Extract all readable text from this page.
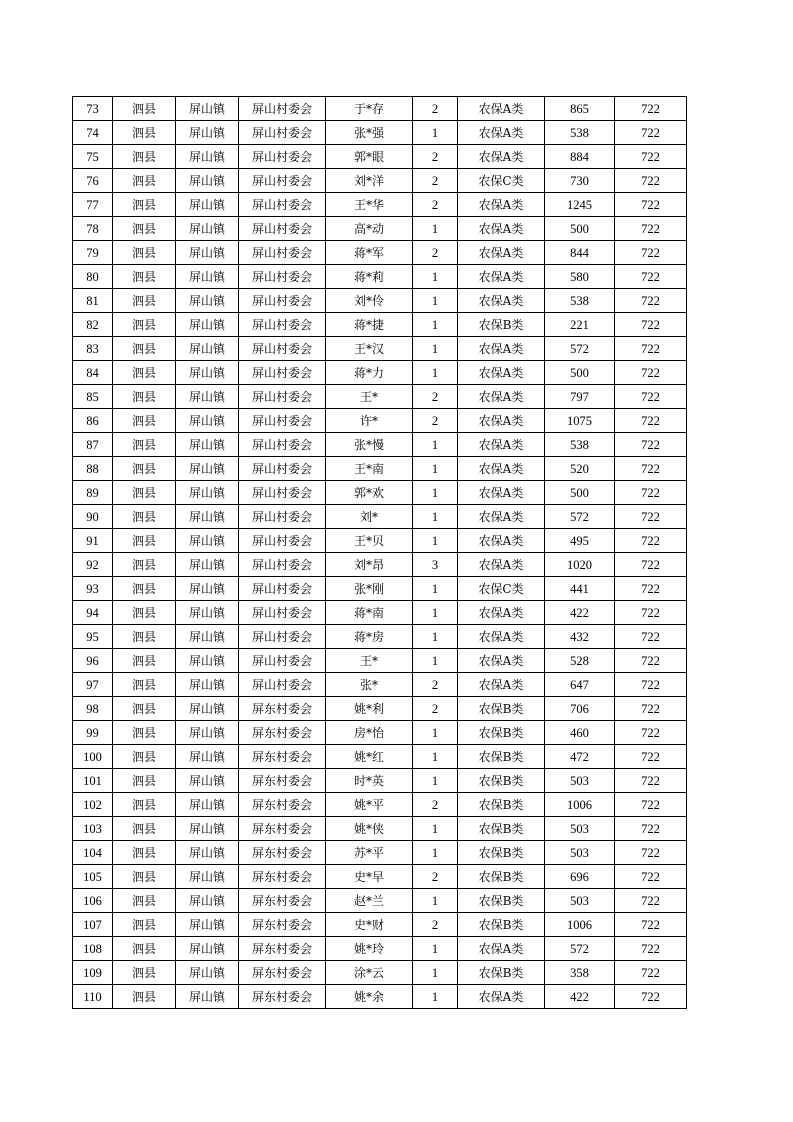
73	泗县	屏山镇	屏山村委会	于*存	2	农保A类	865	722
74	泗县	屏山镇	屏山村委会	张*强	1	农保A类	538	722
75	泗县	屏山镇	屏山村委会	郭*眼	2	农保A类	884	722
76	泗县	屏山镇	屏山村委会	刘*洋	2	农保C类	730	722
77	泗县	屏山镇	屏山村委会	王*华	2	农保A类	1245	722
78	泗县	屏山镇	屏山村委会	高*动	1	农保A类	500	722
79	泗县	屏山镇	屏山村委会	蒋*军	2	农保A类	844	722
80	泗县	屏山镇	屏山村委会	蒋*莉	1	农保A类	580	722
81	泗县	屏山镇	屏山村委会	刘*伶	1	农保A类	538	722
82	泗县	屏山镇	屏山村委会	蒋*捷	1	农保B类	221	722
83	泗县	屏山镇	屏山村委会	王*汉	1	农保A类	572	722
84	泗县	屏山镇	屏山村委会	蒋*力	1	农保A类	500	722
85	泗县	屏山镇	屏山村委会	王*	2	农保A类	797	722
86	泗县	屏山镇	屏山村委会	许*	2	农保A类	1075	722
87	泗县	屏山镇	屏山村委会	张*慢	1	农保A类	538	722
88	泗县	屏山镇	屏山村委会	王*南	1	农保A类	520	722
89	泗县	屏山镇	屏山村委会	郭*欢	1	农保A类	500	722
90	泗县	屏山镇	屏山村委会	刘*	1	农保A类	572	722
91	泗县	屏山镇	屏山村委会	王*贝	1	农保A类	495	722
92	泗县	屏山镇	屏山村委会	刘*昂	3	农保A类	1020	722
93	泗县	屏山镇	屏山村委会	张*刚	1	农保C类	441	722
94	泗县	屏山镇	屏山村委会	蒋*南	1	农保A类	422	722
95	泗县	屏山镇	屏山村委会	蒋*房	1	农保A类	432	722
96	泗县	屏山镇	屏山村委会	王*	1	农保A类	528	722
97	泗县	屏山镇	屏山村委会	张*	2	农保A类	647	722
98	泗县	屏山镇	屏东村委会	姚*利	2	农保B类	706	722
99	泗县	屏山镇	屏东村委会	房*怡	1	农保B类	460	722
100	泗县	屏山镇	屏东村委会	姚*红	1	农保B类	472	722
101	泗县	屏山镇	屏东村委会	时*英	1	农保B类	503	722
102	泗县	屏山镇	屏东村委会	姚*平	2	农保B类	1006	722
103	泗县	屏山镇	屏东村委会	姚*侠	1	农保B类	503	722
104	泗县	屏山镇	屏东村委会	苏*平	1	农保B类	503	722
105	泗县	屏山镇	屏东村委会	史*早	2	农保B类	696	722
106	泗县	屏山镇	屏东村委会	赵*兰	1	农保B类	503	722
107	泗县	屏山镇	屏东村委会	史*财	2	农保B类	1006	722
108	泗县	屏山镇	屏东村委会	姚*玲	1	农保A类	572	722
109	泗县	屏山镇	屏东村委会	涂*云	1	农保B类	358	722
110	泗县	屏山镇	屏东村委会	姚*余	1	农保A类	422	722
